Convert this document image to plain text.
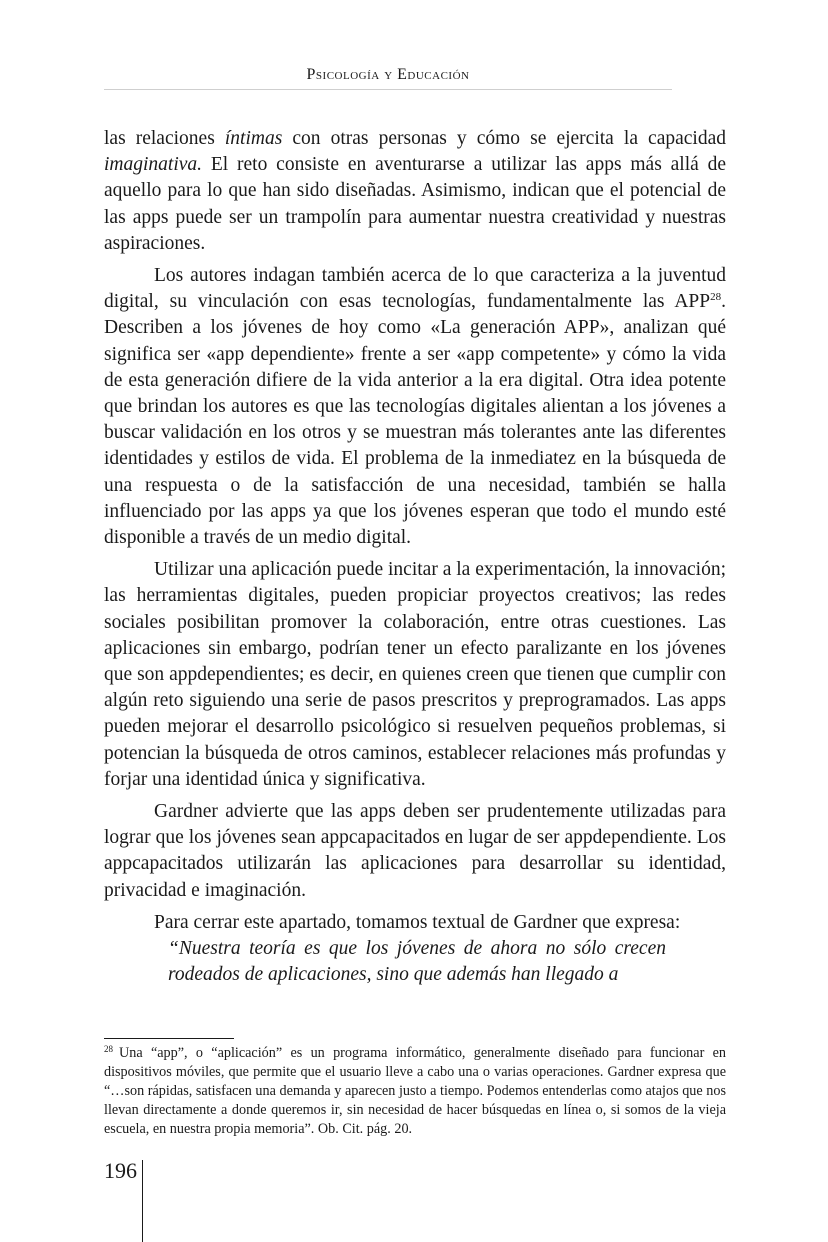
Psicología y Educación

las relaciones íntimas con otras personas y cómo se ejercita la capacidad imaginativa. El reto consiste en aventurarse a utilizar las apps más allá de aquello para lo que han sido diseñadas. Asimismo, indican que el potencial de las apps puede ser un trampolín para aumentar nuestra creatividad y nuestras aspiraciones.

Los autores indagan también acerca de lo que caracteriza a la juventud digital, su vinculación con esas tecnologías, fundamentalmente las APP$^{28}$. Describen a los jóvenes de hoy como «La generación APP», analizan qué significa ser «app dependiente» frente a ser «app competente» y cómo la vida de esta generación difiere de la vida anterior a la era digital. Otra idea potente que brindan los autores es que las tecnologías digitales alientan a los jóvenes a buscar validación en los otros y se muestran más tolerantes ante las diferentes identidades y estilos de vida. El problema de la inmediatez en la búsqueda de una respuesta o de la satisfacción de una necesidad, también se halla influenciado por las apps ya que los jóvenes esperan que todo el mundo esté disponible a través de un medio digital.

Utilizar una aplicación puede incitar a la experimentación, la innovación; las herramientas digitales, pueden propiciar proyectos creativos; las redes sociales posibilitan promover la colaboración, entre otras cuestiones. Las aplicaciones sin embargo, podrían tener un efecto paralizante en los jóvenes que son appdependientes; es decir, en quienes creen que tienen que cumplir con algún reto siguiendo una serie de pasos prescritos y preprogramados. Las apps pueden mejorar el desarrollo psicológico si resuelven pequeños problemas, si potencian la búsqueda de otros caminos, establecer relaciones más profundas y forjar una identidad única y significativa.

Gardner advierte que las apps deben ser prudentemente utilizadas para lograr que los jóvenes sean appcapacitados en lugar de ser appdependiente. Los appcapacitados utilizarán las aplicaciones para desarrollar su identidad, privacidad e imaginación.

Para cerrar este apartado, tomamos textual de Gardner que expresa:

“Nuestra teoría es que los jóvenes de ahora no sólo crecen rodeados de aplicaciones, sino que además han llegado a
$^{28}$ Una “app”, o “aplicación” es un programa informático, generalmente diseñado para funcionar en dispositivos móviles, que permite que el usuario lleve a cabo una o varias operaciones. Gardner expresa que “…son rápidas, satisfacen una demanda y aparecen justo a tiempo. Podemos entenderlas como atajos que nos llevan directamente a donde queremos ir, sin necesidad de hacer búsquedas en línea o, si somos de la vieja escuela, en nuestra propia memoria”. Ob. Cit. pág. 20.
196
